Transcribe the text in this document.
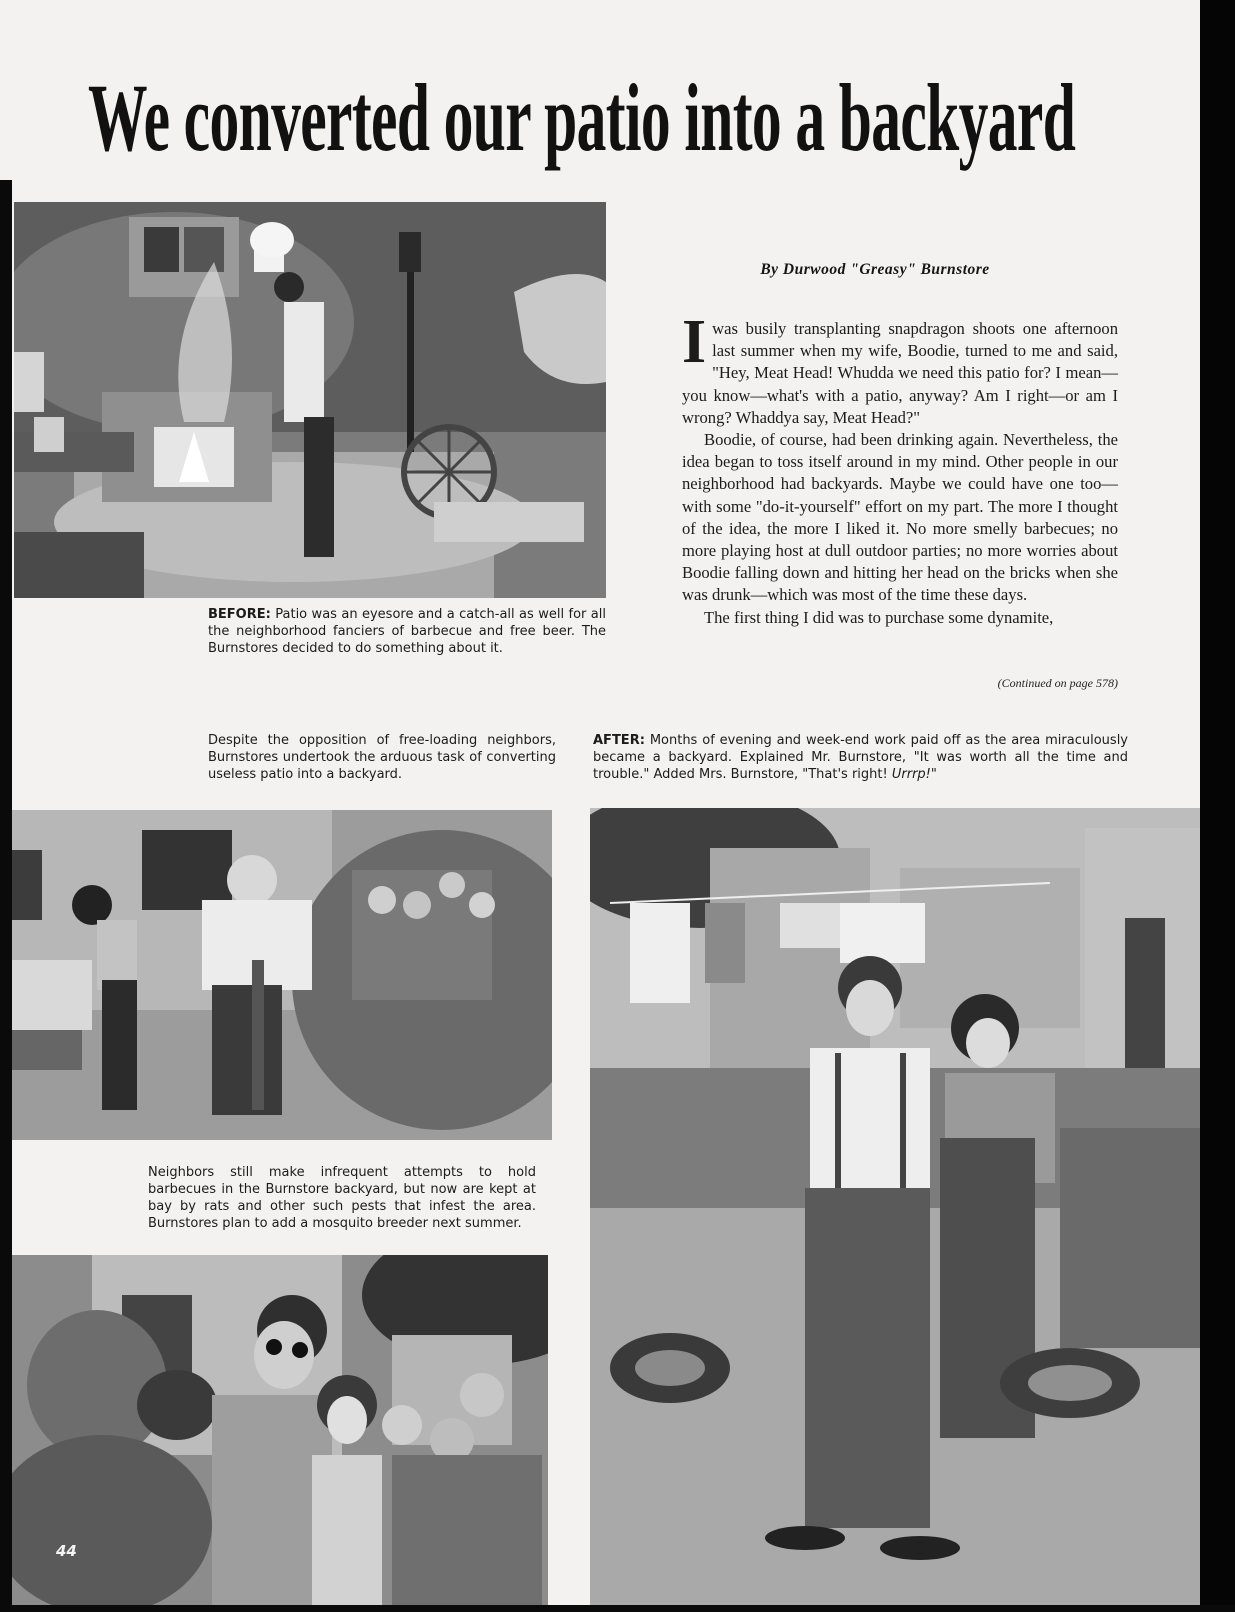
We converted our patio into a backyard
BEFORE: Patio was an eyesore and a catch-all as well for all the neighborhood fanciers of barbecue and free beer. The Burnstores decided to do something about it.
By Durwood "Greasy" Burnstore

Iwas busily transplanting snapdragon shoots one afternoon last summer when my wife, Boodie, turned to me and said, "Hey, Meat Head! Whudda we need this patio for? I mean—you know—what's with a patio, anyway? Am I right—or am I wrong? Whaddya say, Meat Head?"

Boodie, of course, had been drinking again. Nevertheless, the idea began to toss itself around in my mind. Other people in our neighborhood had backyards. Maybe we could have one too—with some "do-it-yourself" effort on my part. The more I thought of the idea, the more I liked it. No more smelly barbecues; no more playing host at dull outdoor parties; no more worries about Boodie falling down and hitting her head on the bricks when she was drunk—which was most of the time these days.

The first thing I did was to purchase some dynamite,

(Continued on page 578)
Despite the opposition of free-loading neighbors, Burnstores undertook the arduous task of converting useless patio into a backyard.
AFTER: Months of evening and week-end work paid off as the area miraculously became a backyard. Explained Mr. Burnstore, "It was worth all the time and trouble." Added Mrs. Burnstore, "That's right! Urrrp!"
Neighbors still make infrequent attempts to hold barbecues in the Burnstore backyard, but now are kept at bay by rats and other such pests that infest the area. Burnstores plan to add a mosquito breeder next summer.
44
